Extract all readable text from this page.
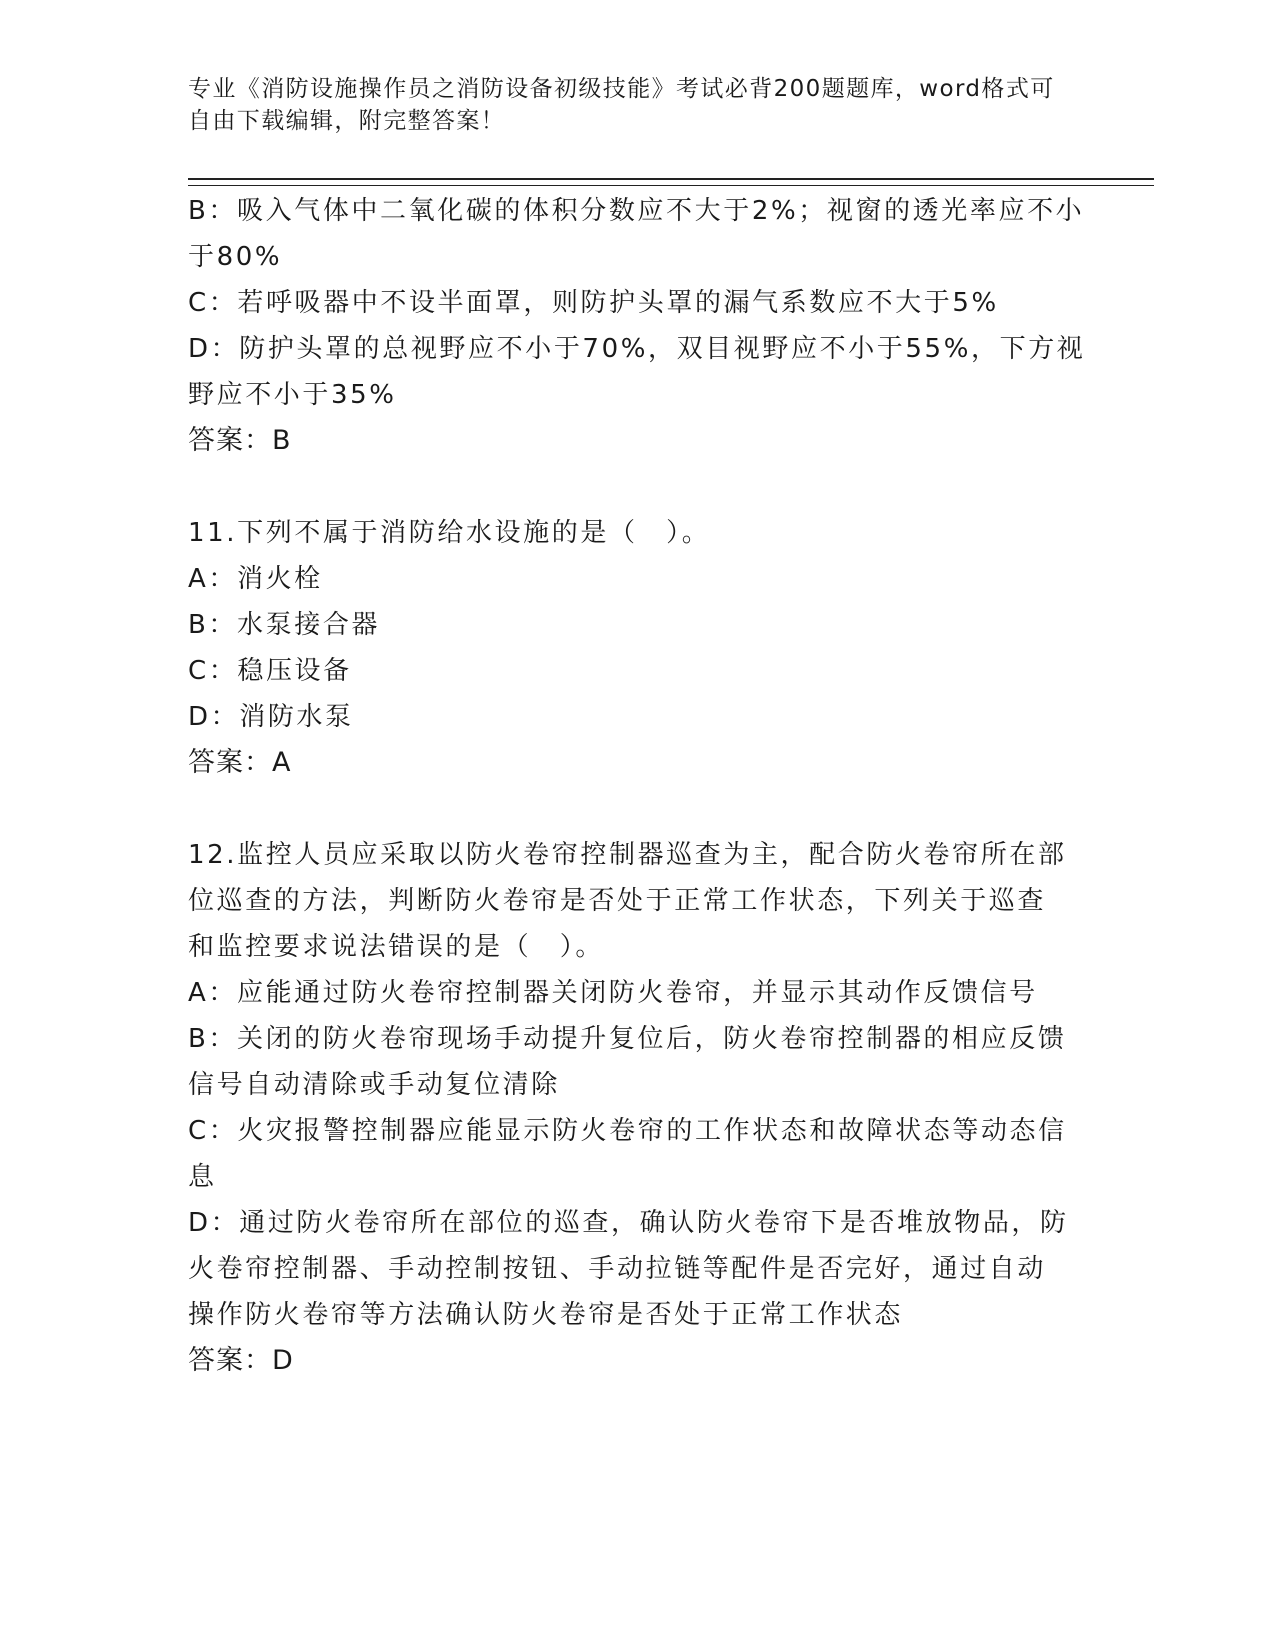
专业《消防设施操作员之消防设备初级技能》考试必背200题题库，word格式可
自由下载编辑，附完整答案！
B：吸入气体中二氧化碳的体积分数应不大于2%；视窗的透光率应不小
于80%
C：若呼吸器中不设半面罩，则防护头罩的漏气系数应不大于5%
D：防护头罩的总视野应不小于70%，双目视野应不小于55%，下方视
野应不小于35%
答案：B
11.下列不属于消防给水设施的是（　）。
A：消火栓
B：水泵接合器
C：稳压设备
D：消防水泵
答案：A
12.监控人员应采取以防火卷帘控制器巡查为主，配合防火卷帘所在部
位巡查的方法，判断防火卷帘是否处于正常工作状态，下列关于巡查
和监控要求说法错误的是（　）。
A：应能通过防火卷帘控制器关闭防火卷帘，并显示其动作反馈信号
B：关闭的防火卷帘现场手动提升复位后，防火卷帘控制器的相应反馈
信号自动清除或手动复位清除
C：火灾报警控制器应能显示防火卷帘的工作状态和故障状态等动态信
息
D：通过防火卷帘所在部位的巡查，确认防火卷帘下是否堆放物品，防
火卷帘控制器、手动控制按钮、手动拉链等配件是否完好，通过自动
操作防火卷帘等方法确认防火卷帘是否处于正常工作状态
答案：D
